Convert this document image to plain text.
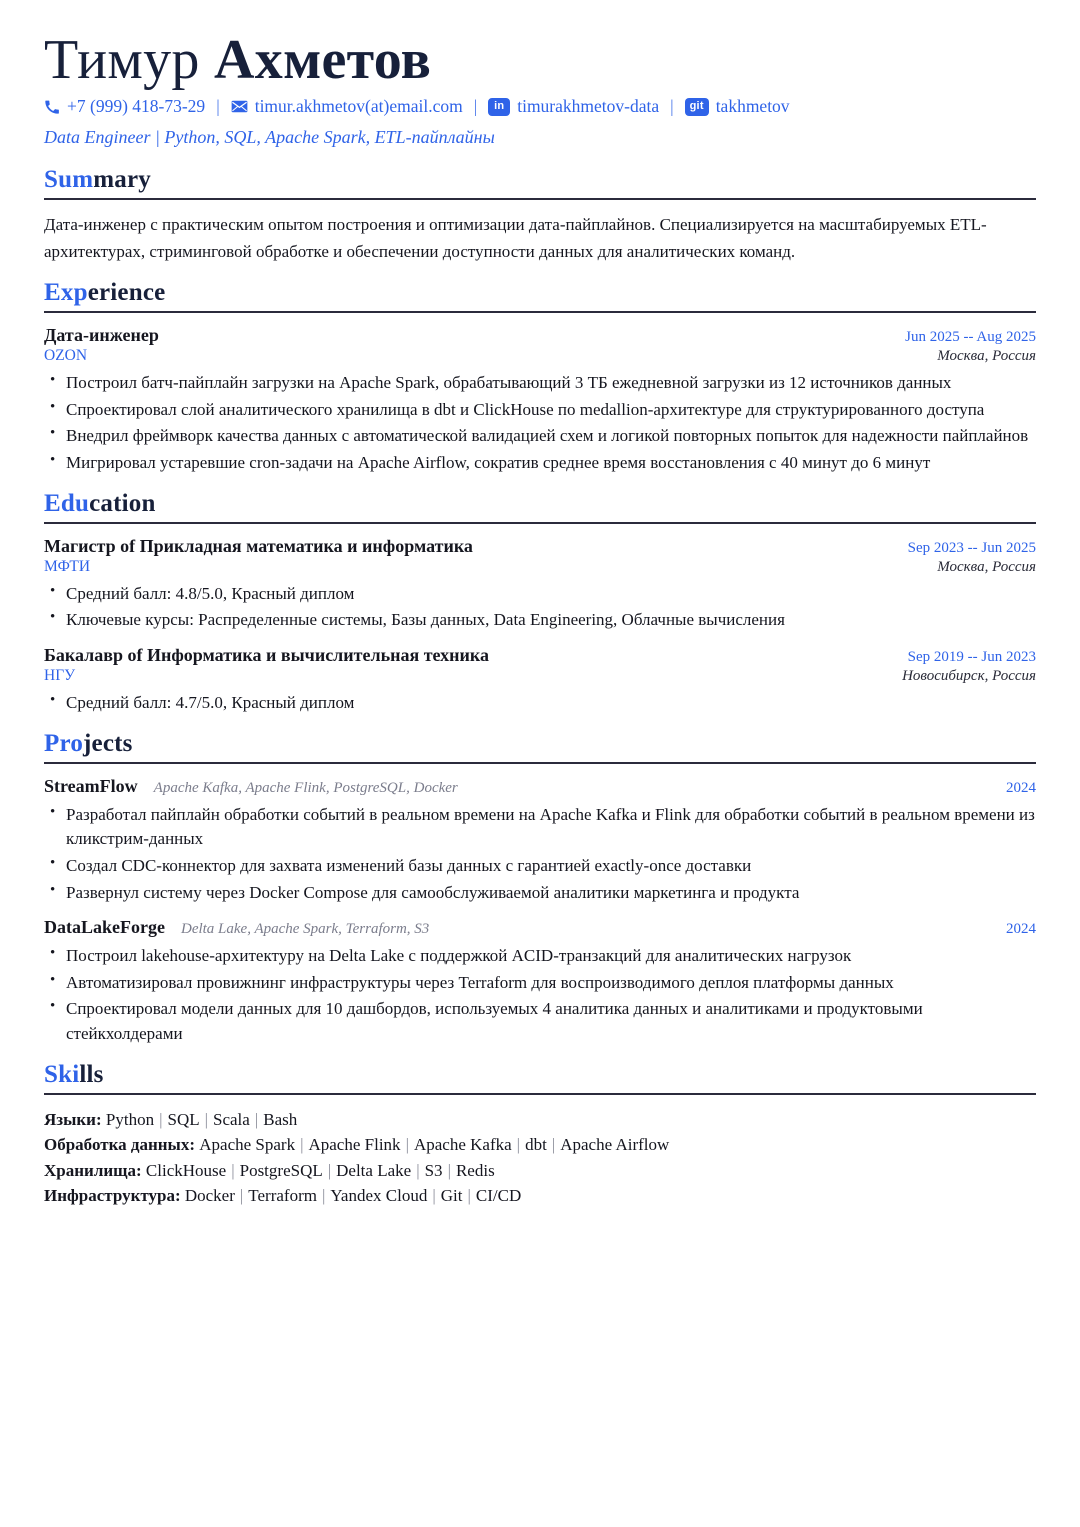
Тимур Ахметов
+7 (999) 418-73-29 | timur.akhmetov(at)email.com |	in timurakhmetov-data |	git takhmetov
Data Engineer | Python, SQL, Apache Spark, ETL-пайплайны
Summary

Дата-инженер с практическим опытом построения и оптимизации дата-пайплайнов. Специализируется на масштабируемых ETL-архитектурах, стриминговой обработке и обеспечении доступности данных для аналитических команд.

Experience
Дата-инженер	Jun 2025 -- Aug 2025
OZON	Москва, Россия
• Построил батч-пайплайн загрузки на Apache Spark, обрабатывающий 3 ТБ ежедневной загрузки из 12 источников данных
• Спроектировал слой аналитического хранилища в dbt и ClickHouse по medallion-архитектуре для структурированного доступа
• Внедрил фреймворк качества данных с автоматической валидацией схем и логикой повторных попыток для надежности пайплайнов
• Мигрировал устаревшие cron-задачи на Apache Airflow, сократив среднее время восстановления с 40 минут до 6 минут
Education
Магистр of Прикладная математика и информатика	Sep 2023 -- Jun 2025
МФТИ	Москва, Россия
• Средний балл: 4.8/5.0, Красный диплом
• Ключевые курсы: Распределенные системы, Базы данных, Data Engineering, Облачные вычисления
Бакалавр of Информатика и вычислительная техника	Sep 2019 -- Jun 2023
НГУ	Новосибирск, Россия
• Средний балл: 4.7/5.0, Красный диплом
Projects
StreamFlow Apache Kafka, Apache Flink, PostgreSQL, Docker	2024
• Разработал пайплайн обработки событий в реальном времени на Apache Kafka и Flink для обработки событий в реальном времени из кликстрим-данных
• Создал CDC-коннектор для захвата изменений базы данных с гарантией exactly-once доставки
• Развернул систему через Docker Compose для самообслуживаемой аналитики маркетинга и продукта
DataLakeForge Delta Lake, Apache Spark, Terraform, S3	2024
• Построил lakehouse-архитектуру на Delta Lake с поддержкой ACID-транзакций для аналитических нагрузок
• Автоматизировал провижнинг инфраструктуры через Terraform для воспроизводимого деплоя платформы данных
• Спроектировал модели данных для 10 дашбордов, используемых 4 аналитика данных и аналитиками и продуктовыми стейкхолдерами
Skills
Языки: Python | SQL | Scala | Bash
Обработка данных: Apache Spark | Apache Flink | Apache Kafka | dbt | Apache Airflow
Хранилища: ClickHouse | PostgreSQL | Delta Lake | S3 | Redis
Инфраструктура: Docker | Terraform | Yandex Cloud | Git | CI/CD
